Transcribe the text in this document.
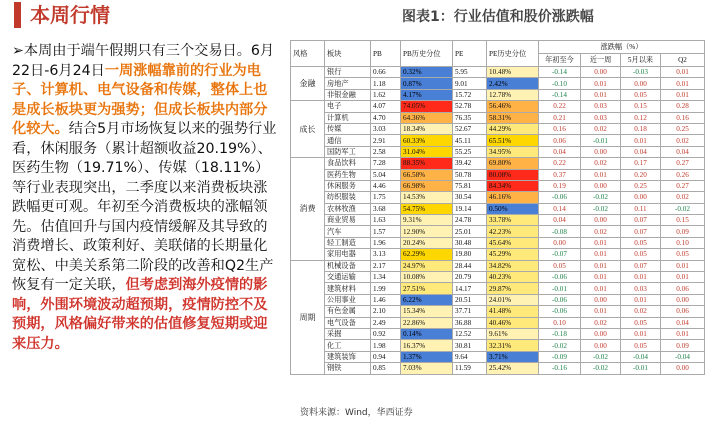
本周行情	图表1：行业估值和股价涨跌幅
➢本周由于端午假期只有三个交易日。6月22日-6月24日一周涨幅靠前的行业为电子、计算机、电气设备和传媒，整体上也是成长板块更为强势；但成长板块内部分化较大。结合5月市场恢复以来的强势行业看，休闲服务（累计超额收益20.19%）、医药生物（19.71%）、传媒（18.11%）等行业表现突出，二季度以来消费板块涨跌幅更可观。年初至今消费板块的涨幅领先。估值回升与国内疫情缓解及其导致的消费增长、政策利好、美联储的长期量化宽松、中美关系第二阶段的改善和Q2生产恢复有一定关联，但考虑到海外疫情的影响，外围环境波动超预期，疫情防控不及预期，风格偏好带来的估值修复短期或迎来压力。
风格	板块	PB	PB历史分位	PE	PE历史分位	涨跌幅（%）			
						年初至今	近一周	5月以来	Q2
金融	银行	0.66	0.32%	5.95	10.48%	-0.14	0.00	-0.03	0.01
	房地产	1.18	0.87%	9.01	2.42%	-0.10	0.01	0.00	0.01
	非银金融	1.62	4.17%	15.72	12.78%	-0.14	0.01	0.05	0.01
成长	电子	4.07	74.05%	52.78	56.46%	0.22	0.03	0.15	0.28
	计算机	4.70	64.36%	76.35	58.31%	0.21	0.03	0.12	0.16
	传媒	3.03	18.34%	52.67	44.29%	0.16	0.02	0.18	0.25
	通信	2.91	60.33%	45.11	65.51%	0.06	-0.01	0.01	0.02
	国防军工	2.58	31.04%	55.25	34.95%	0.04	0.00	0.04	0.04
消费	食品饮料	7.28	88.35%	39.42	69.80%	0.22	0.02	0.17	0.27
	医药生物	5.04	66.58%	50.78	80.08%	0.37	0.01	0.20	0.26
	休闲服务	4.46	66.98%	75.81	84.34%	0.19	0.00	0.25	0.27
	纺织服装	1.75	14.53%	30.54	46.16%	-0.06	-0.02	0.00	0.02
	农林牧渔	3.68	54.75%	19.14	0.50%	0.14	-0.02	0.11	-0.02
	商业贸易	1.63	9.31%	24.78	33.78%	0.04	0.00	0.07	0.15
	汽车	1.57	12.90%	25.01	42.23%	-0.08	0.02	0.07	0.09
	轻工制造	1.96	20.24%	30.48	45.64%	0.00	0.01	0.05	0.10
	家用电器	3.13	62.29%	19.80	45.29%	-0.07	0.01	0.05	0.05
周期	机械设备	2.17	24.97%	28.44	34.82%	0.05	0.01	0.07	0.01
	交通运输	1.34	10.08%	20.79	40.23%	-0.06	0.01	0.01	0.01
	建筑材料	1.99	27.51%	14.17	29.87%	-0.01	0.01	0.03	0.06
	公用事业	1.46	6.22%	20.51	24.01%	-0.06	0.00	0.01	0.00
	有色金属	2.10	15.34%	37.71	41.48%	-0.06	0.01	0.02	0.06
	电气设备	2.49	22.86%	36.88	40.46%	0.10	0.02	0.05	0.04
	采掘	0.92	0.14%	12.52	9.61%	-0.18	0.00	0.01	0.01
	化工	1.98	16.37%	30.81	32.31%	-0.02	0.00	0.05	0.09
	建筑装饰	0.94	1.37%	9.64	3.71%	-0.09	-0.02	-0.04	-0.04
	钢铁	0.85	7.03%	11.59	25.42%	-0.16	-0.02	-0.01	0.00
资料来源：Wind，华西证券
